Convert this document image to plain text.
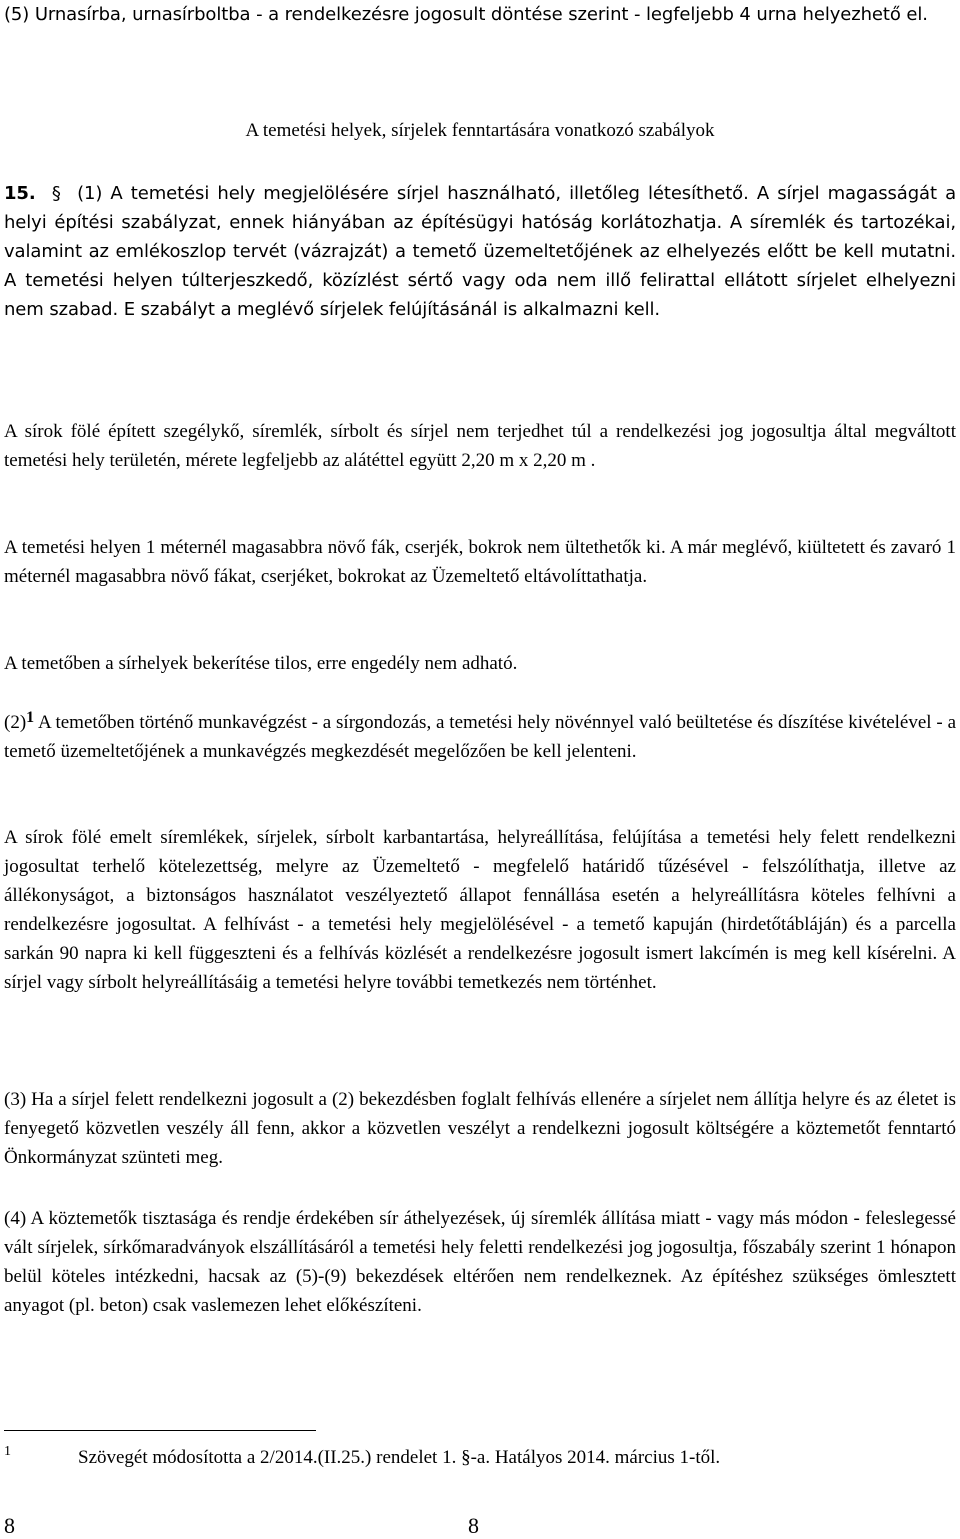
(5) Urnasírba, urnasírboltba - a rendelkezésre jogosult döntése szerint - legfeljebb 4 urna helyezhető el.

A temetési helyek, sírjelek fenntartására vonatkozó szabályok

15. § (1) A temetési hely megjelölésére sírjel használható, illetőleg létesíthető. A sírjel magasságát a helyi építési szabályzat, ennek hiányában az építésügyi hatóság korlátozhatja. A síremlék és tartozékai, valamint az emlékoszlop tervét (vázrajzát) a temető üzemeltetőjének az elhelyezés előtt be kell mutatni. A temetési helyen túlterjeszkedő, közízlést sértő vagy oda nem illő felirattal ellátott sírjelet elhelyezni nem szabad. E szabályt a meglévő sírjelek felújításánál is alkalmazni kell.

A sírok fölé épített szegélykő, síremlék, sírbolt és sírjel nem terjedhet túl a rendelkezési jog jogosultja által megváltott temetési hely területén, mérete legfeljebb az alátéttel együtt 2,20 m x 2,20 m .

A temetési helyen 1 méternél magasabbra növő fák, cserjék, bokrok nem ültethetők ki. A már meglévő, kiültetett és zavaró 1 méternél magasabbra növő fákat, cserjéket, bokrokat az Üzemeltető eltávolíttathatja.

A temetőben a sírhelyek bekerítése tilos, erre engedély nem adható.

(2)$^1$ A temetőben történő munkavégzést - a sírgondozás, a temetési hely növénnyel való beültetése és díszítése kivételével - a temető üzemeltetőjének a munkavégzés megkezdését megelőzően be kell jelenteni.

A sírok fölé emelt síremlékek, sírjelek, sírbolt karbantartása, helyreállítása, felújítása a temetési hely felett rendelkezni jogosultat terhelő kötelezettség, melyre az Üzemeltető - megfelelő határidő tűzésével - felszólíthatja, illetve az állékonyságot, a biztonságos használatot veszélyeztető állapot fennállása esetén a helyreállításra köteles felhívni a rendelkezésre jogosultat. A felhívást - a temetési hely megjelölésével - a temető kapuján (hirdetőtábláján) és a parcella sarkán 90 napra ki kell függeszteni és a felhívás közlését a rendelkezésre jogosult ismert lakcímén is meg kell kísérelni. A sírjel vagy sírbolt helyreállításáig a temetési helyre további temetkezés nem történhet.

(3) Ha a sírjel felett rendelkezni jogosult a (2) bekezdésben foglalt felhívás ellenére a sírjelet nem állítja helyre és az életet is fenyegető közvetlen veszély áll fenn, akkor a közvetlen veszélyt a rendelkezni jogosult költségére a köztemetőt fenntartó Önkormányzat szünteti meg.

(4) A köztemetők tisztasága és rendje érdekében sír áthelyezések, új síremlék állítása miatt - vagy más módon - feleslegessé vált sírjelek, sírkőmaradványok elszállításáról a temetési hely feletti rendelkezési jog jogosultja, főszabály szerint 1 hónapon belül köteles intézkedni, hacsak az (5)-(9) bekezdések eltérően nem rendelkeznek. Az építéshez szükséges ömlesztett anyagot (pl. beton) csak vaslemezen lehet előkészíteni.

1	Szövegét módosította a 2/2014.(II.25.) rendelet 1. §-a. Hatályos 2014. március 1-től.
8	8
